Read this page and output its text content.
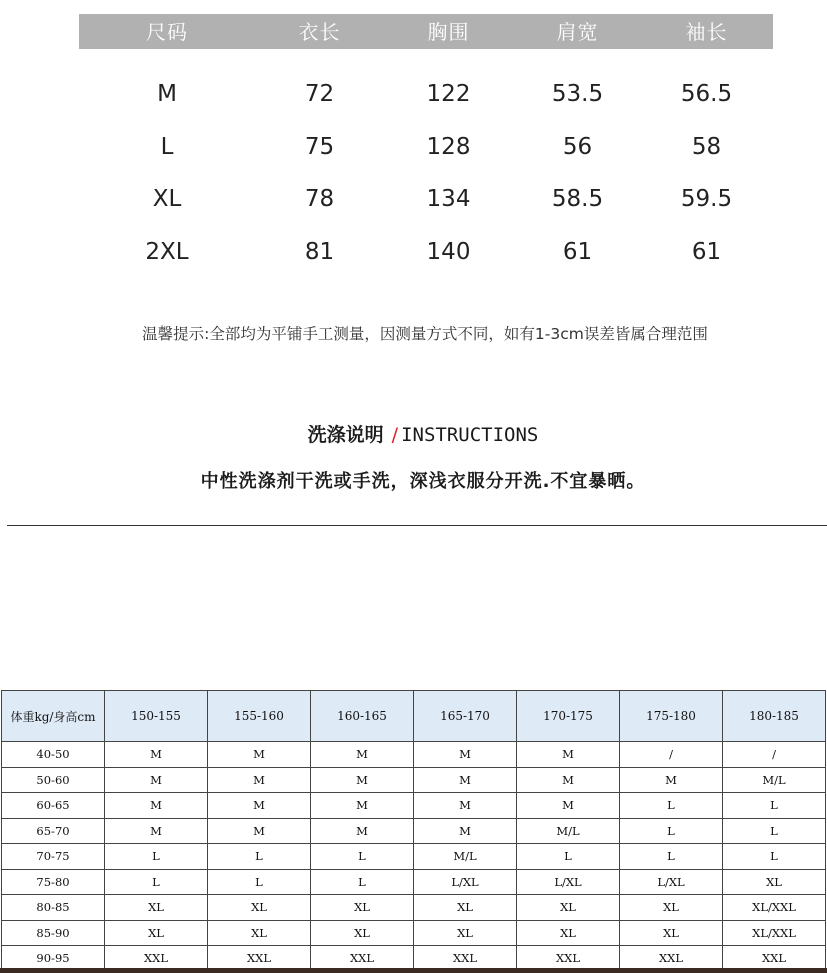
尺码	衣长	胸围	肩宽	袖长
M	72	122	53.5	56.5
L	75	128	56	58
XL	78	134	58.5	59.5
2XL	81	140	61	61
温馨提示:全部均为平铺手工测量，因测量方式不同，如有1-3cm误差皆属合理范围
洗涤说明 / INSTRUCTIONS
中性洗涤剂干洗或手洗，深浅衣服分开洗.不宜暴晒。
体重kg/身高cm	150-155	155-160	160-165	165-170	170-175	175-180	180-185
40-50	M	M	M	M	M	/	/
50-60	M	M	M	M	M	M	M/L
60-65	M	M	M	M	M	L	L
65-70	M	M	M	M	M/L	L	L
70-75	L	L	L	M/L	L	L	L
75-80	L	L	L	L/XL	L/XL	L/XL	XL
80-85	XL	XL	XL	XL	XL	XL	XL/XXL
85-90	XL	XL	XL	XL	XL	XL	XL/XXL
90-95	XXL	XXL	XXL	XXL	XXL	XXL	XXL
